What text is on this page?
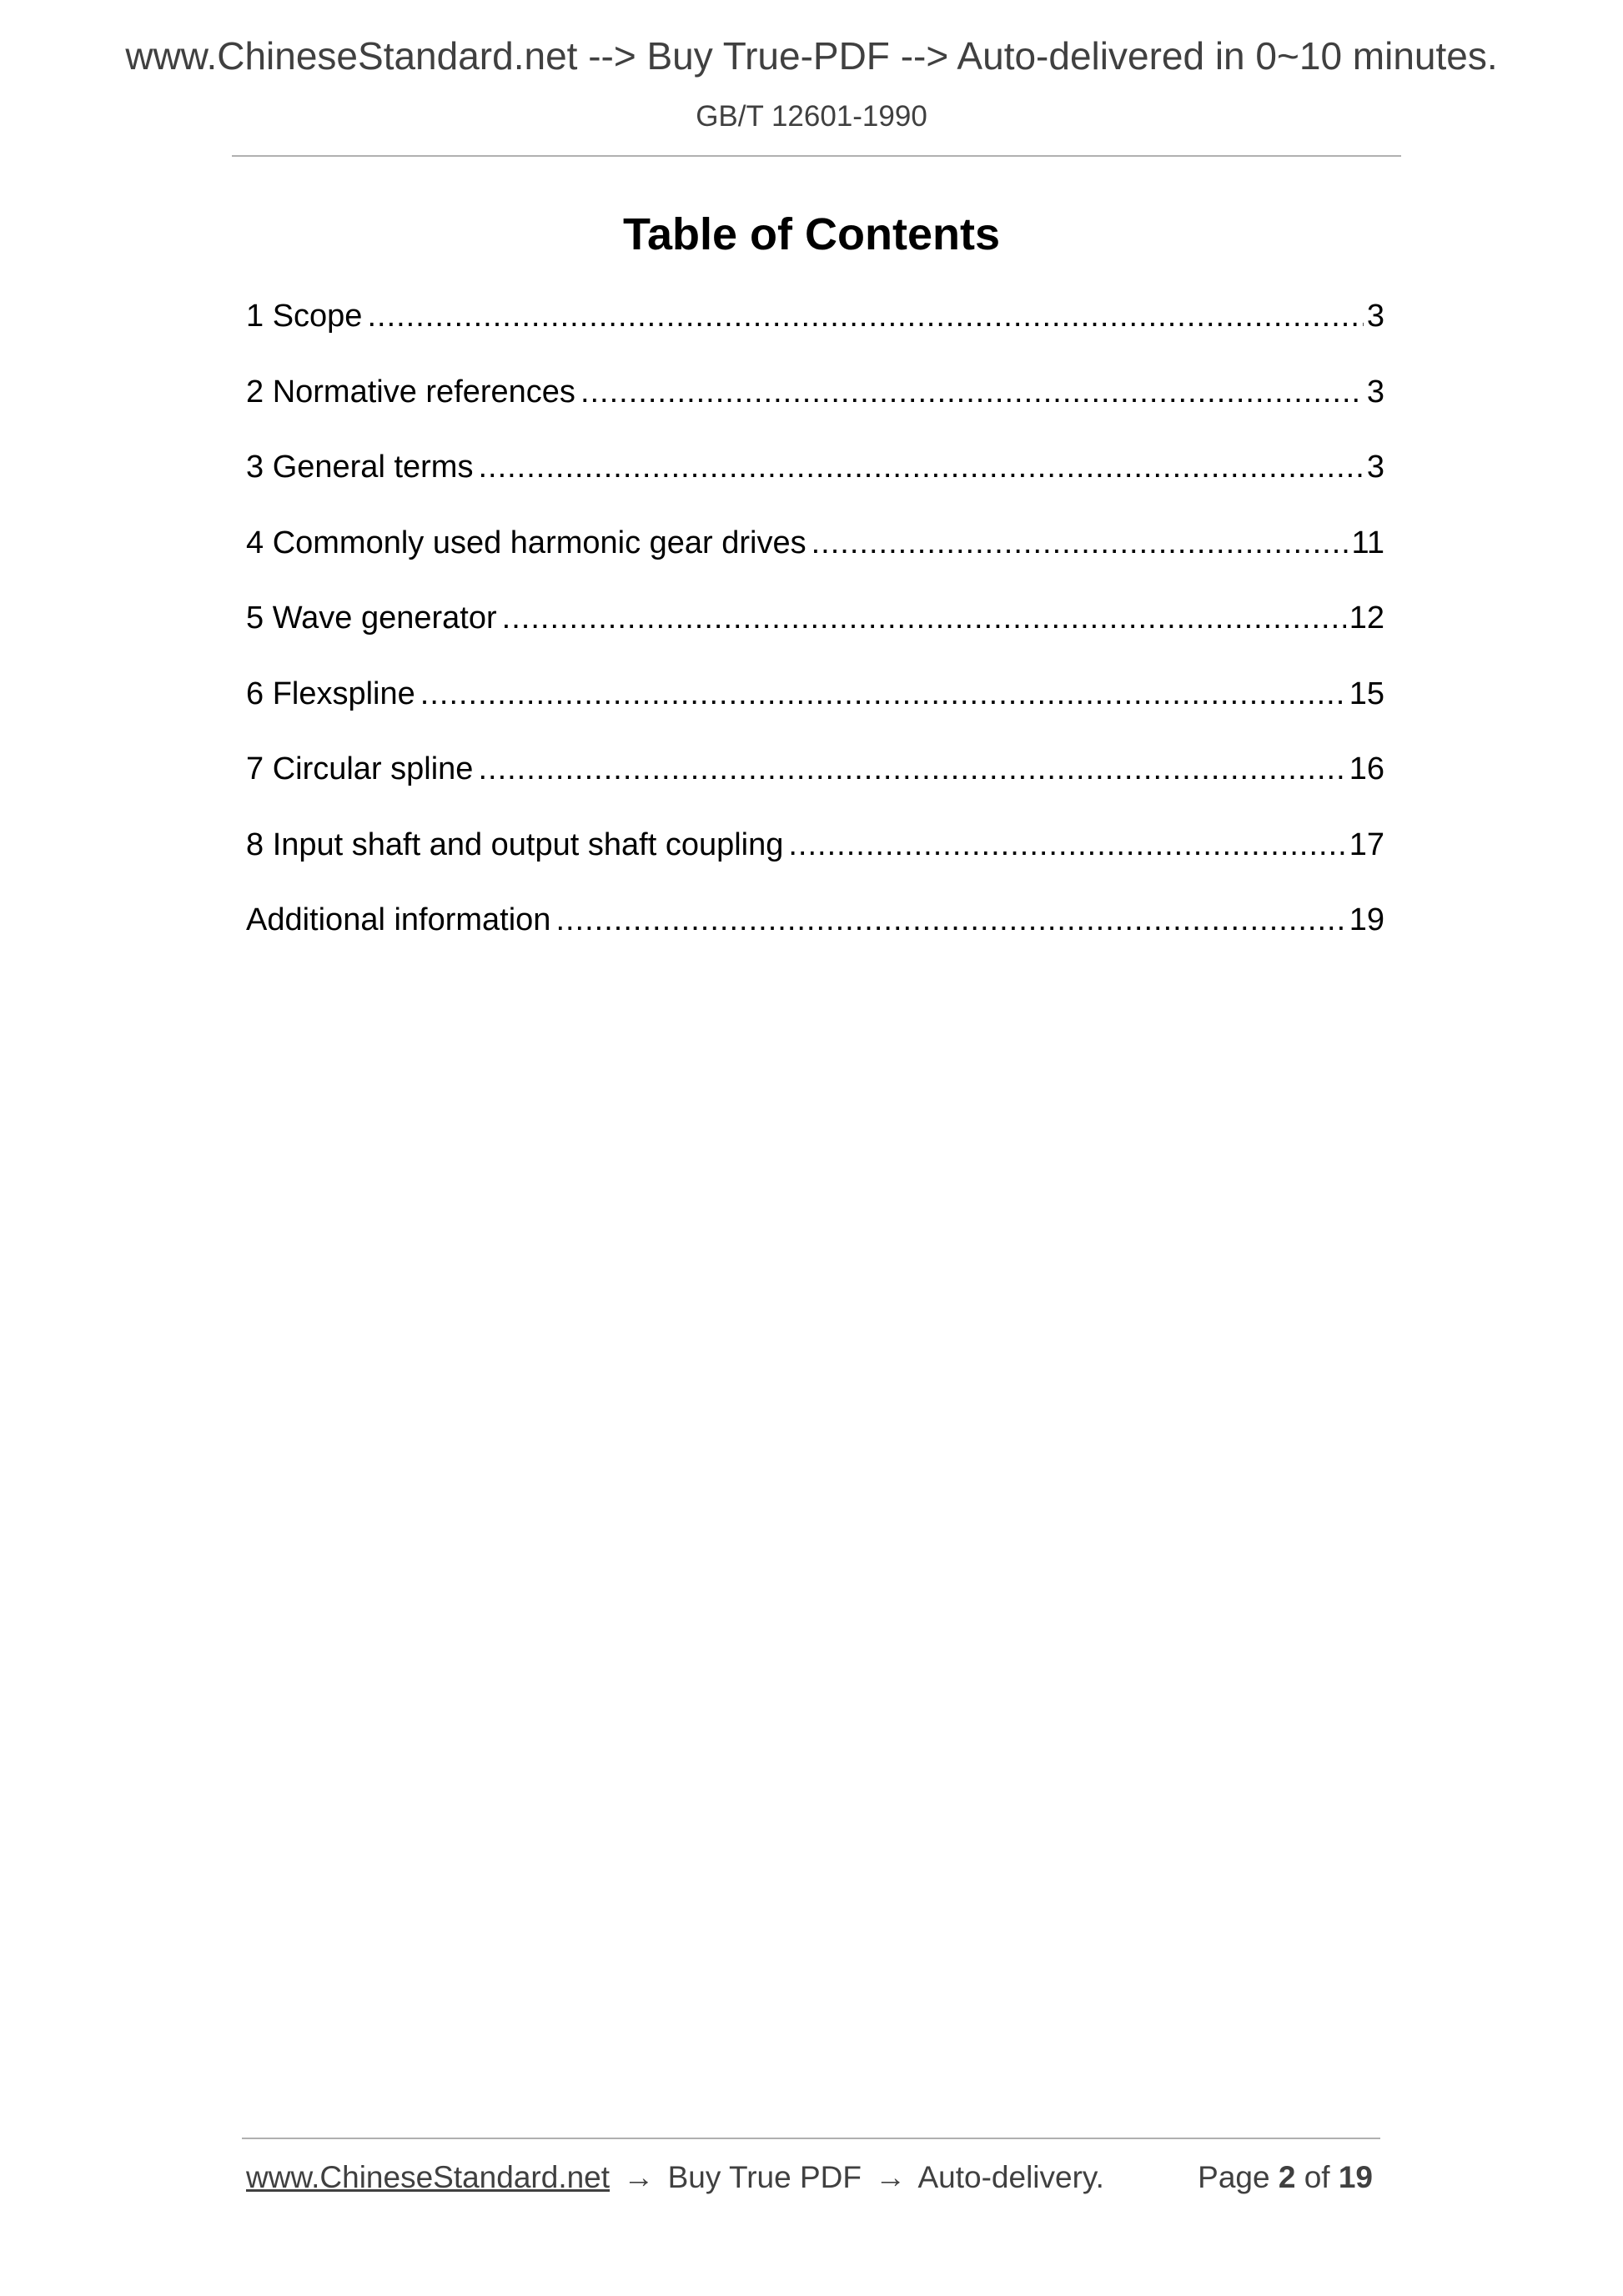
www.ChineseStandard.net --> Buy True-PDF --> Auto-delivered in 0~10 minutes.
GB/T 12601-1990
Table of Contents
1 Scope .....	3
2 Normative references .....	3
3 General terms .....	3
4 Commonly used harmonic gear drives .....	11
5 Wave generator .....	12
6 Flexspline .....	15
7 Circular spline .....	16
8 Input shaft and output shaft coupling .....	17
Additional information .....	19
www.ChineseStandard.net → Buy True PDF → Auto-delivery.	Page 2 of 19
